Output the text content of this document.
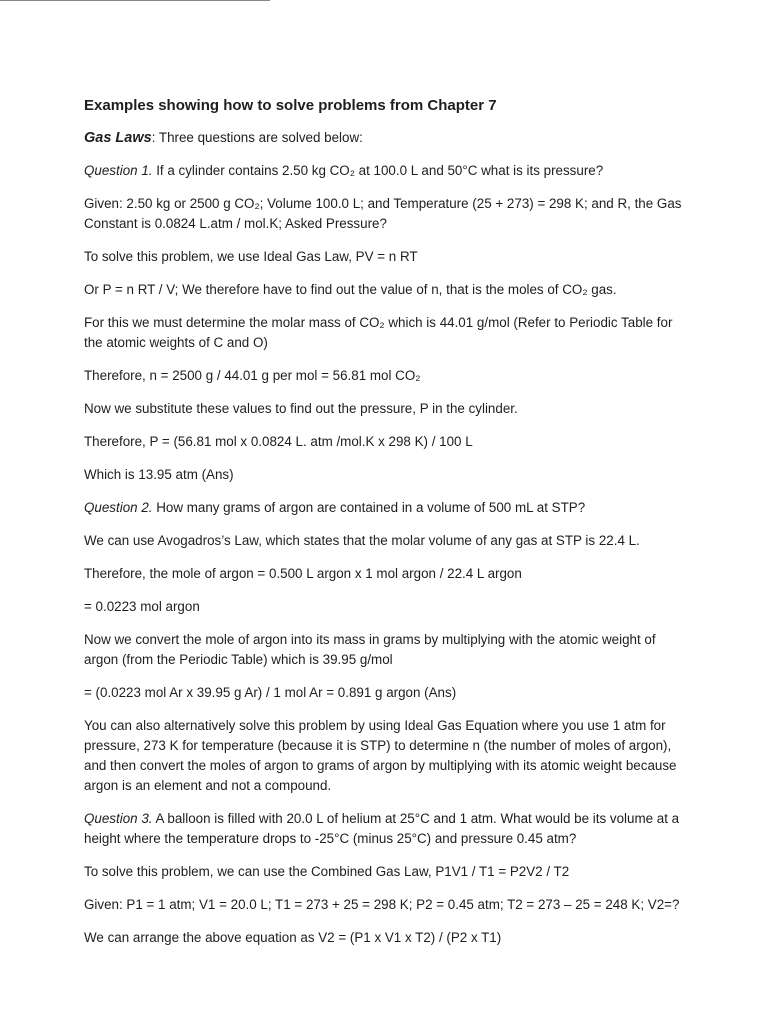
Examples showing how to solve problems from Chapter 7

Gas Laws: Three questions are solved below:

Question 1. If a cylinder contains 2.50 kg CO₂ at 100.0 L and 50°C what is its pressure?

Given: 2.50 kg or 2500 g CO₂; Volume 100.0 L; and Temperature (25 + 273) = 298 K; and R, the Gas Constant is 0.0824 L.atm / mol.K; Asked Pressure?

To solve this problem, we use Ideal Gas Law, PV = n RT

Or P = n RT / V; We therefore have to find out the value of n, that is the moles of CO₂ gas.

For this we must determine the molar mass of CO₂ which is 44.01 g/mol (Refer to Periodic Table for the atomic weights of C and O)

Therefore, n = 2500 g / 44.01 g per mol = 56.81 mol CO₂

Now we substitute these values to find out the pressure, P in the cylinder.

Therefore, P = (56.81 mol x 0.0824 L. atm /mol.K x 298 K) / 100 L

Which is 13.95 atm (Ans)

Question 2. How many grams of argon are contained in a volume of 500 mL at STP?

We can use Avogadros’s Law, which states that the molar volume of any gas at STP is 22.4 L.

Therefore, the mole of argon = 0.500 L argon x 1 mol argon / 22.4 L argon

= 0.0223 mol argon

Now we convert the mole of argon into its mass in grams by multiplying with the atomic weight of argon (from the Periodic Table) which is 39.95 g/mol

= (0.0223 mol Ar x 39.95 g Ar) / 1 mol Ar = 0.891 g argon (Ans)

You can also alternatively solve this problem by using Ideal Gas Equation where you use 1 atm for pressure, 273 K for temperature (because it is STP) to determine n (the number of moles of argon), and then convert the moles of argon to grams of argon by multiplying with its atomic weight because argon is an element and not a compound.

Question 3. A balloon is filled with 20.0 L of helium at 25°C and 1 atm. What would be its volume at a height where the temperature drops to -25°C (minus 25°C) and pressure 0.45 atm?

To solve this problem, we can use the Combined Gas Law, P1V1 / T1 = P2V2 / T2

Given: P1 = 1 atm; V1 = 20.0 L; T1 = 273 + 25 = 298 K; P2 = 0.45 atm; T2 = 273 – 25 = 248 K; V2=?

We can arrange the above equation as V2 = (P1 x V1 x T2) / (P2 x T1)
